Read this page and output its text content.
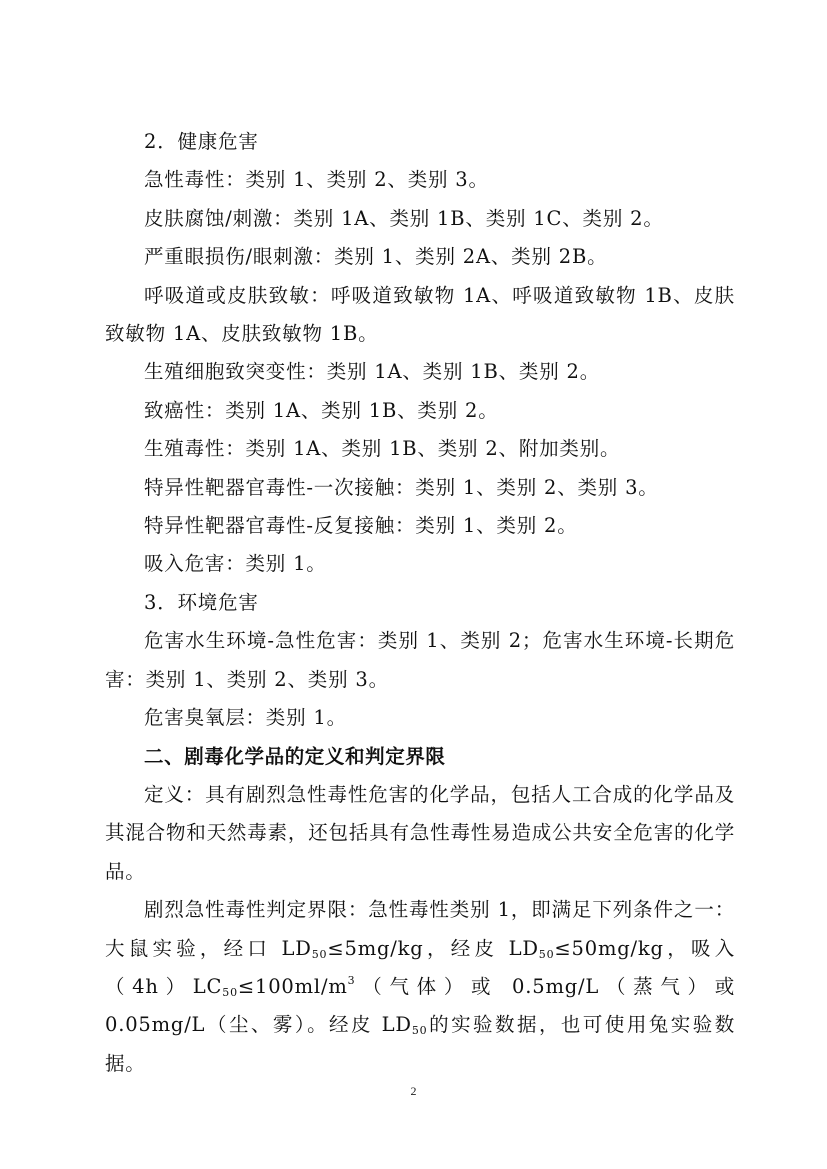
2．健康危害

急性毒性：类别 1、类别 2、类别 3。

皮肤腐蚀/刺激：类别 1A、类别 1B、类别 1C、类别 2。

严重眼损伤/眼刺激：类别 1、类别 2A、类别 2B。

呼吸道或皮肤致敏：呼吸道致敏物 1A、呼吸道致敏物 1B、皮肤致敏物 1A、皮肤致敏物 1B。

生殖细胞致突变性：类别 1A、类别 1B、类别 2。

致癌性：类别 1A、类别 1B、类别 2。

生殖毒性：类别 1A、类别 1B、类别 2、附加类别。

特异性靶器官毒性-一次接触：类别 1、类别 2、类别 3。

特异性靶器官毒性-反复接触：类别 1、类别 2。

吸入危害：类别 1。

3．环境危害

危害水生环境-急性危害：类别 1、类别 2；危害水生环境-长期危害：类别 1、类别 2、类别 3。

危害臭氧层：类别 1。

二、剧毒化学品的定义和判定界限

定义：具有剧烈急性毒性危害的化学品，包括人工合成的化学品及其混合物和天然毒素，还包括具有急性毒性易造成公共安全危害的化学品。

剧烈急性毒性判定界限：急性毒性类别 1，即满足下列条件之一：大鼠实验，经口 $LD_{50}\le 5mg/kg$，经皮 $LD_{50}\le 50mg/kg$，吸入$(4h)LC_{50}\le 100ml/m^3$（气体）或 0.5mg/L（蒸气）或 0.05mg/L（尘、雾）。经皮 $LD_{50}$的实验数据，也可使用兔实验数据。

2
